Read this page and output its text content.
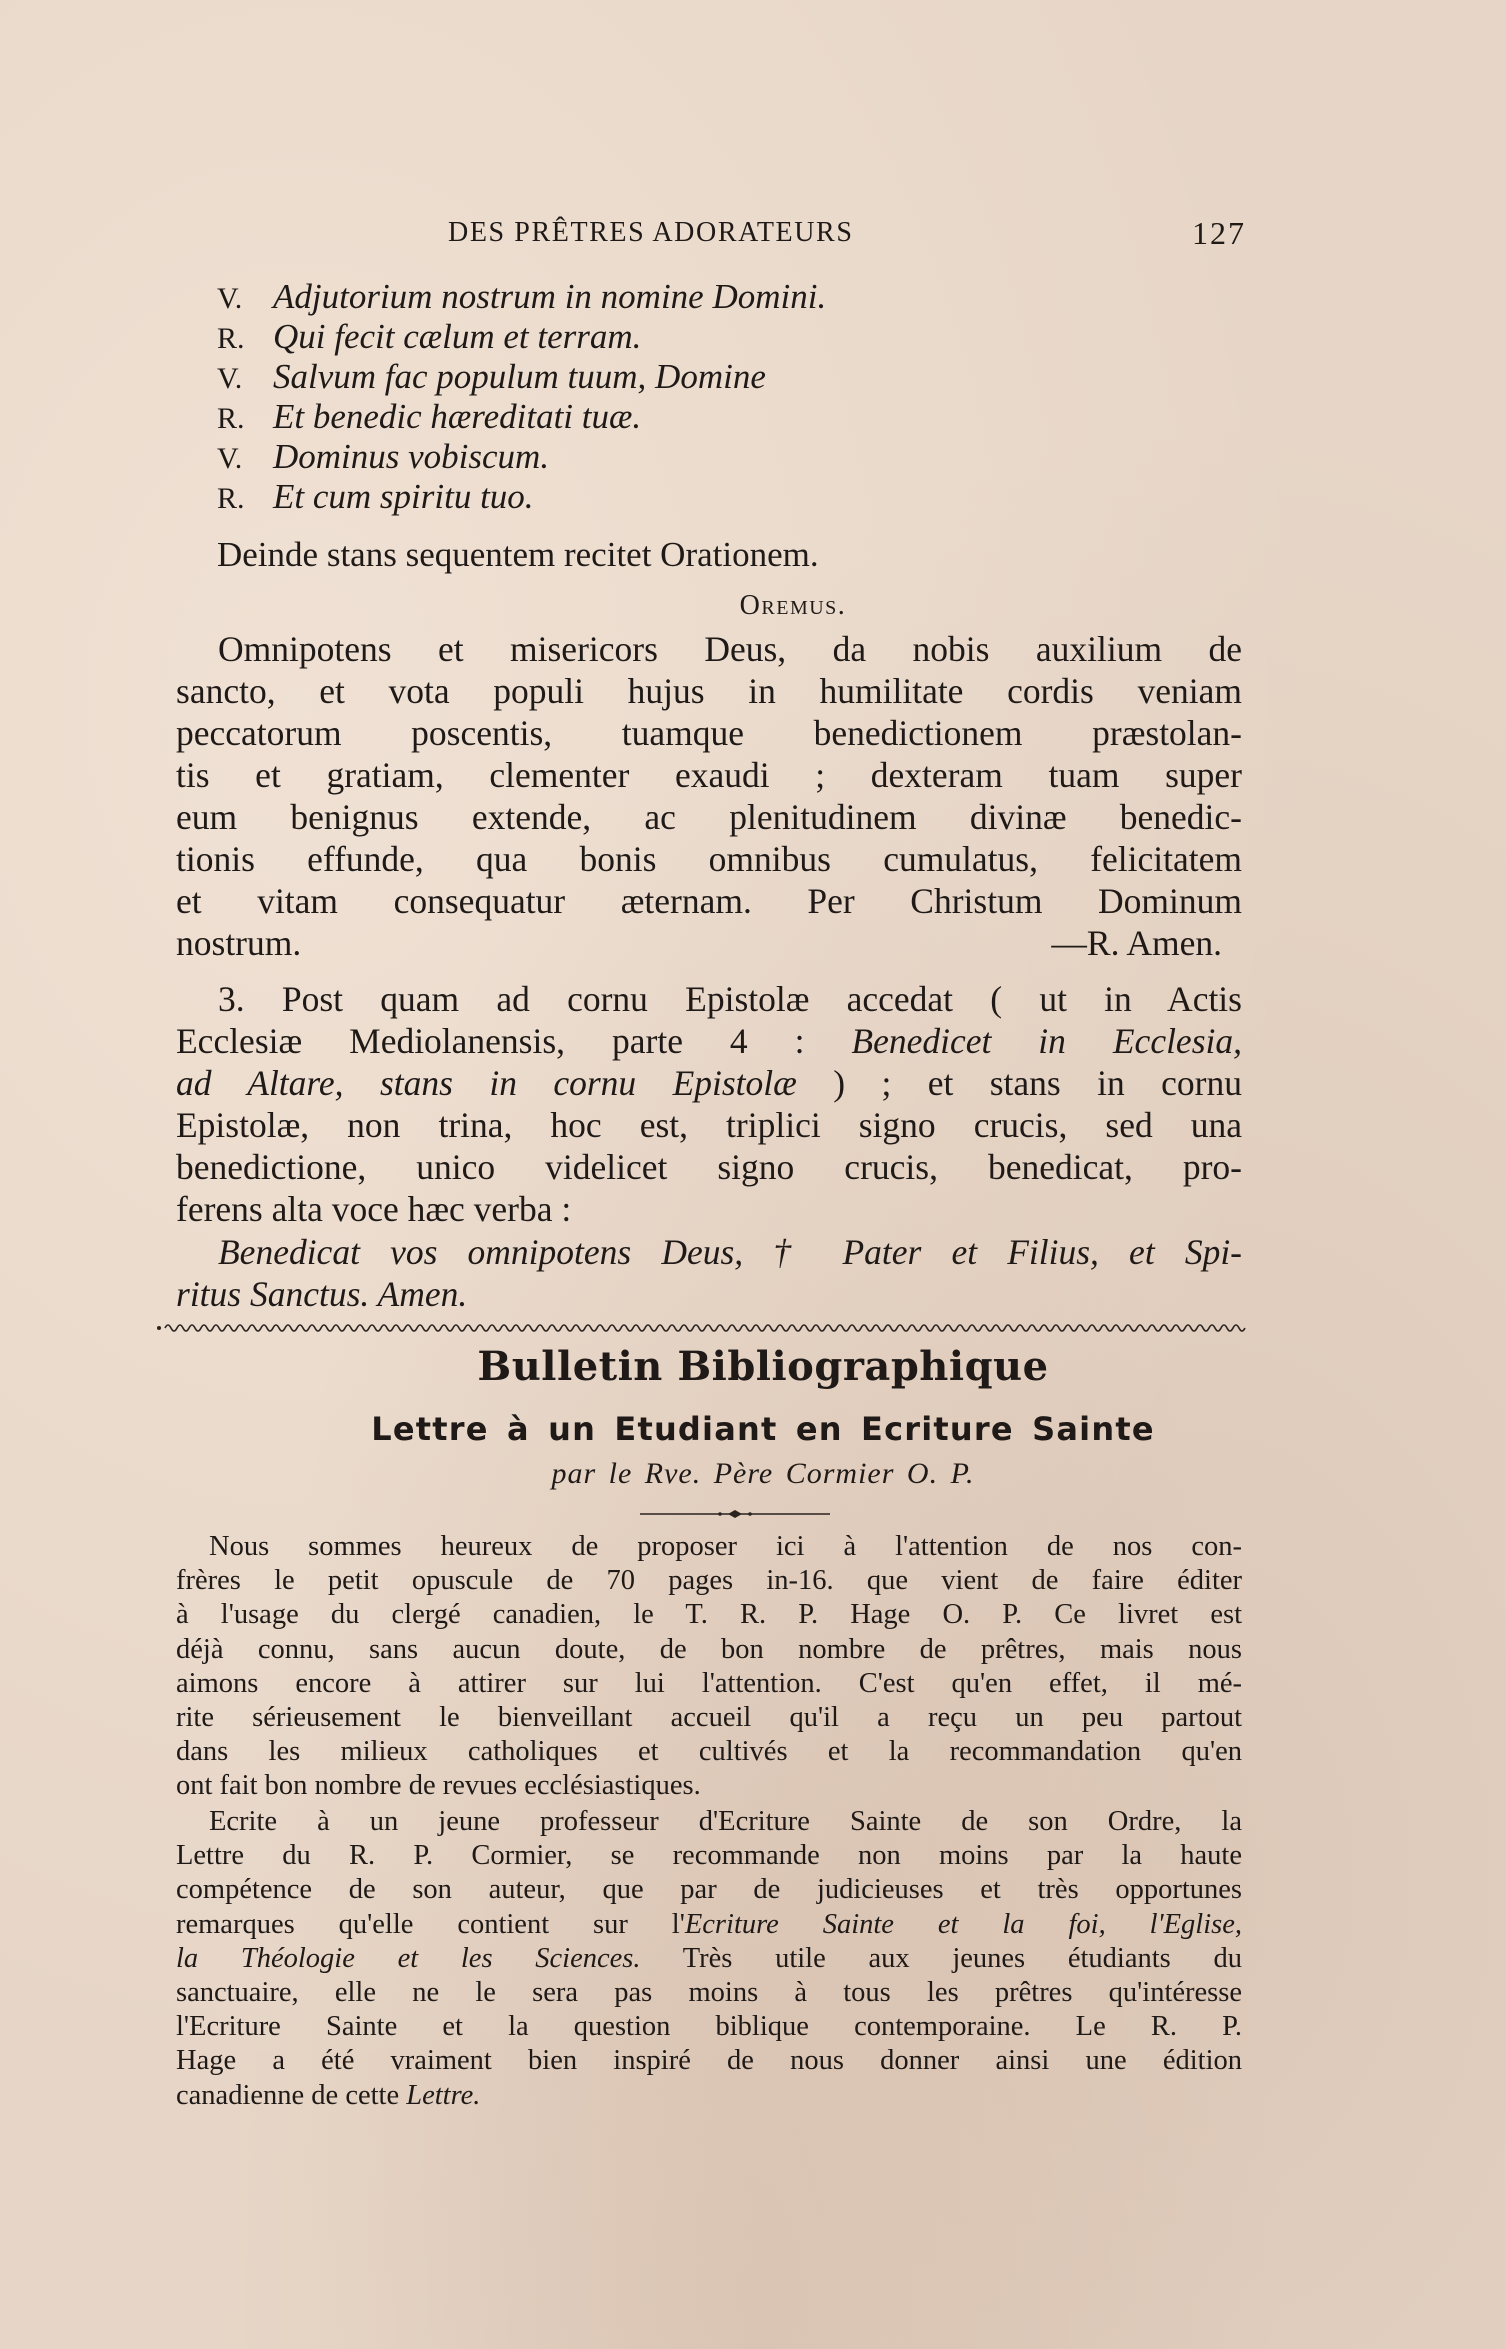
DES PRÊTRES ADORATEURS	127
V. Adjutorium nostrum in nomine Domini.
R. Qui fecit cælum et terram.
V. Salvum fac populum tuum, Domine
R. Et benedic hæreditati tuæ.
V. Dominus vobiscum.
R. Et cum spiritu tuo.
Deinde stans sequentem recitet Orationem.
Oremus.
Omnipotens et misericors Deus, da nobis auxilium de
sancto, et vota populi hujus in humilitate cordis veniam
peccatorum poscentis, tuamque benedictionem præstolan-
tis et gratiam, clementer exaudi ; dexteram tuam super
eum benignus extende, ac plenitudinem divinæ benedic-
tionis effunde, qua bonis omnibus cumulatus, felicitatem
et vitam consequatur æternam. Per Christum Dominum
nostrum.	—R. Amen.
3. Post quam ad cornu Epistolæ accedat ( ut in Actis
Ecclesiæ Mediolanensis, parte 4 : Benedicet in Ecclesia,
ad Altare, stans in cornu Epistolæ ) ; et stans in cornu
Epistolæ, non trina, hoc est, triplici signo crucis, sed una
benedictione, unico videlicet signo crucis, benedicat, pro-
ferens alta voce hæc verba :
Benedicat vos omnipotens Deus, † Pater et Filius, et Spi-
ritus Sanctus. Amen.
Bulletin Bibliographique
Lettre à un Etudiant en Ecriture Sainte
par le Rve. Père Cormier O. P.
Nous sommes heureux de proposer ici à l'attention de nos con-
frères le petit opuscule de 70 pages in-16. que vient de faire éditer
à l'usage du clergé canadien, le T. R. P. Hage O. P. Ce livret est
déjà connu, sans aucun doute, de bon nombre de prêtres, mais nous
aimons encore à attirer sur lui l'attention. C'est qu'en effet, il mé-
rite sérieusement le bienveillant accueil qu'il a reçu un peu partout
dans les milieux catholiques et cultivés et la recommandation qu'en
ont fait bon nombre de revues ecclésiastiques.
Ecrite à un jeune professeur d'Ecriture Sainte de son Ordre, la
Lettre du R. P. Cormier, se recommande non moins par la haute
compétence de son auteur, que par de judicieuses et très opportunes
remarques qu'elle contient sur l'Ecriture Sainte et la foi, l'Eglise,
la Théologie et les Sciences. Très utile aux jeunes étudiants du
sanctuaire, elle ne le sera pas moins à tous les prêtres qu'intéresse
l'Ecriture Sainte et la question biblique contemporaine. Le R. P.
Hage a été vraiment bien inspiré de nous donner ainsi une édition
canadienne de cette Lettre.
